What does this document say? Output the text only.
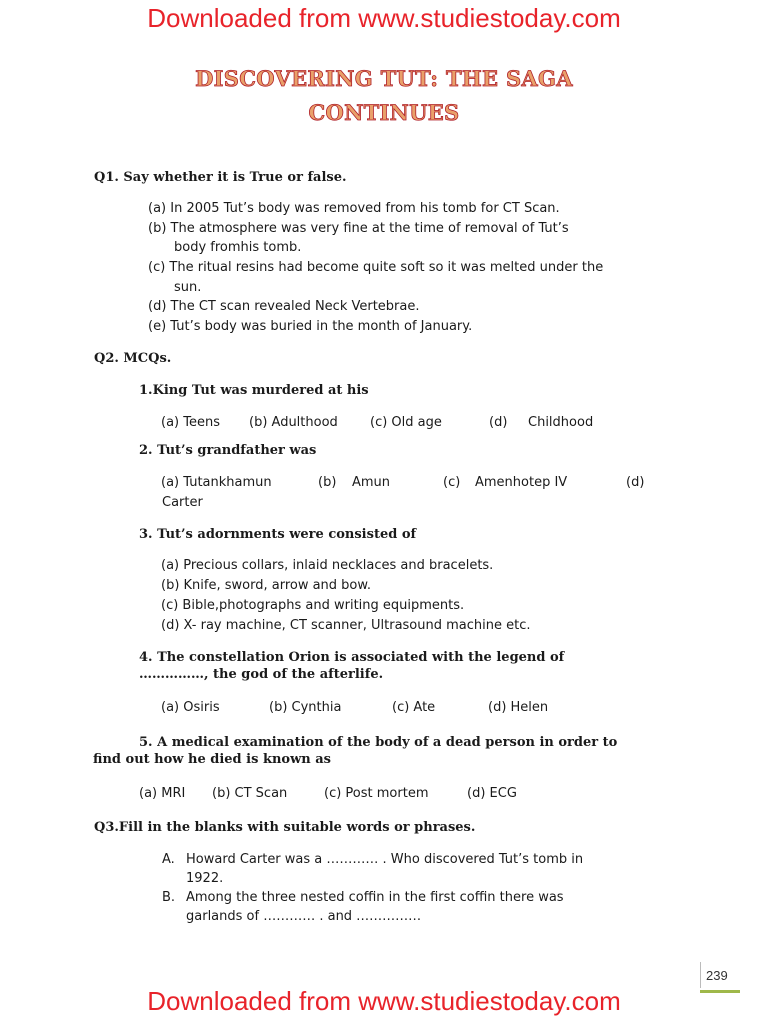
Downloaded from www.studiestoday.com
DISCOVERING TUT: THE SAGA
CONTINUES
Q1. Say whether it is True or false.
(a) In 2005 Tut’s body was removed from his tomb for CT Scan.
(b) The atmosphere was very fine at the time of removal of Tut’s
body fromhis tomb.
(c) The ritual resins had become quite soft so it was melted under the
sun.
(d) The CT scan revealed Neck Vertebrae.
(e) Tut’s body was buried in the month of January.
Q2. MCQs.
1.King Tut was murdered at his
(a) Teens (b) Adulthood (c) Old age	(d) Childhood
2. Tut’s grandfather was
(a) Tutankhamun	(b) Amun	(c) Amenhotep IV	(d)
Carter
3. Tut’s adornments were consisted of
(a) Precious collars, inlaid necklaces and bracelets.
(b) Knife, sword, arrow and bow.
(c) Bible,photographs and writing equipments.
(d) X- ray machine, CT scanner, Ultrasound machine etc.
4. The constellation Orion is associated with the legend of
……………, the god of the afterlife.
(a) Osiris	(b) Cynthia	(c) Ate	(d) Helen
5. A medical examination of the body of a dead person in order to
find out how he died is known as
(a) MRI (b) CT Scan	(c) Post mortem	(d) ECG
Q3.Fill in the blanks with suitable words or phrases.
A. Howard Carter was a ………… . Who discovered Tut’s tomb in
1922.
B. Among the three nested coffin in the first coffin there was
garlands of ………… . and ……………
239
Downloaded from www.studiestoday.com
